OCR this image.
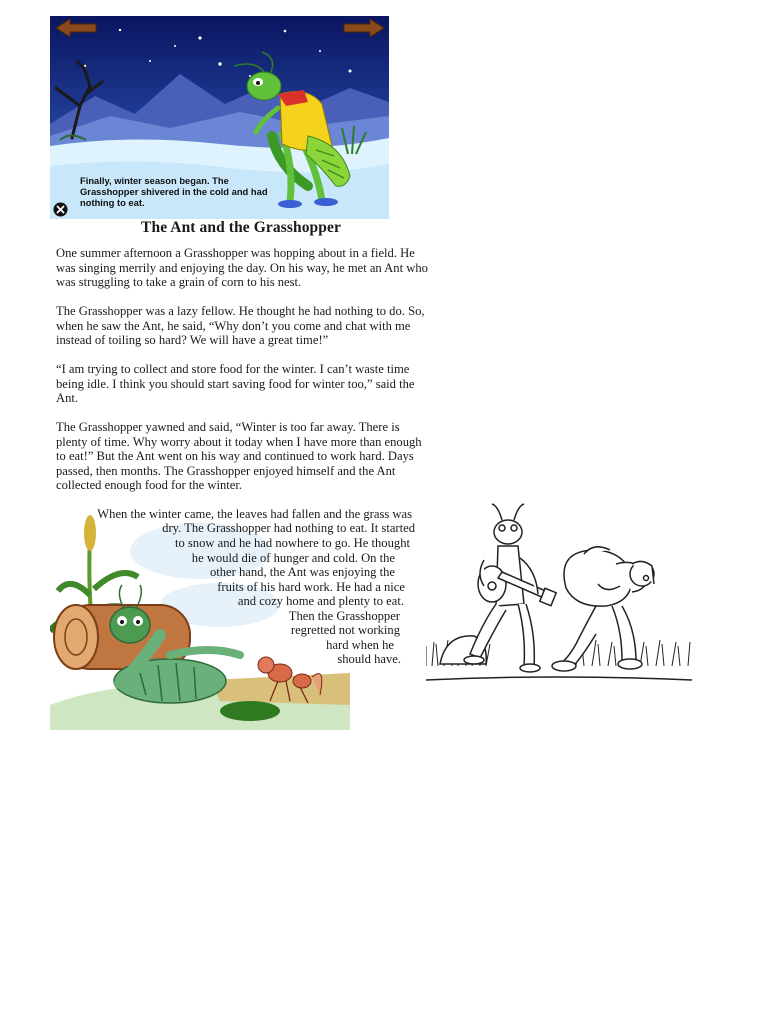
Finally, winter season began. The Grasshopper shivered in the cold and had nothing to eat.
The Ant and the Grasshopper

One summer afternoon a Grasshopper was hopping about in a field. He was singing merrily and enjoying the day. On his way, he met an Ant who was struggling to take a grain of corn to his nest.

The Grasshopper was a lazy fellow. He thought he had nothing to do. So, when he saw the Ant, he said, “Why don’t you come and chat with me instead of toiling so hard? We will have a great time!”

“I am trying to collect and store food for the winter. I can’t waste time being idle. I think you should start saving food for winter too,” said the Ant.

The Grasshopper yawned and said, “Winter is too far away. There is plenty of time. Why worry about it today when I have more than enough to eat!” But the Ant went on his way and continued to work hard. Days passed, then months. The Grasshopper enjoyed himself and the Ant collected enough food for the winter.

When the winter came, the leaves had fallen and the grass was
dry. The Grasshopper had nothing to eat. It started
to snow and he had nowhere to go. He thought
he would die of hunger and cold. On the
other hand, the Ant was enjoying the
fruits of his hard work. He had a nice
and cozy home and plenty to eat.
Then the Grasshopper
regretted not working
hard when he
should have.
